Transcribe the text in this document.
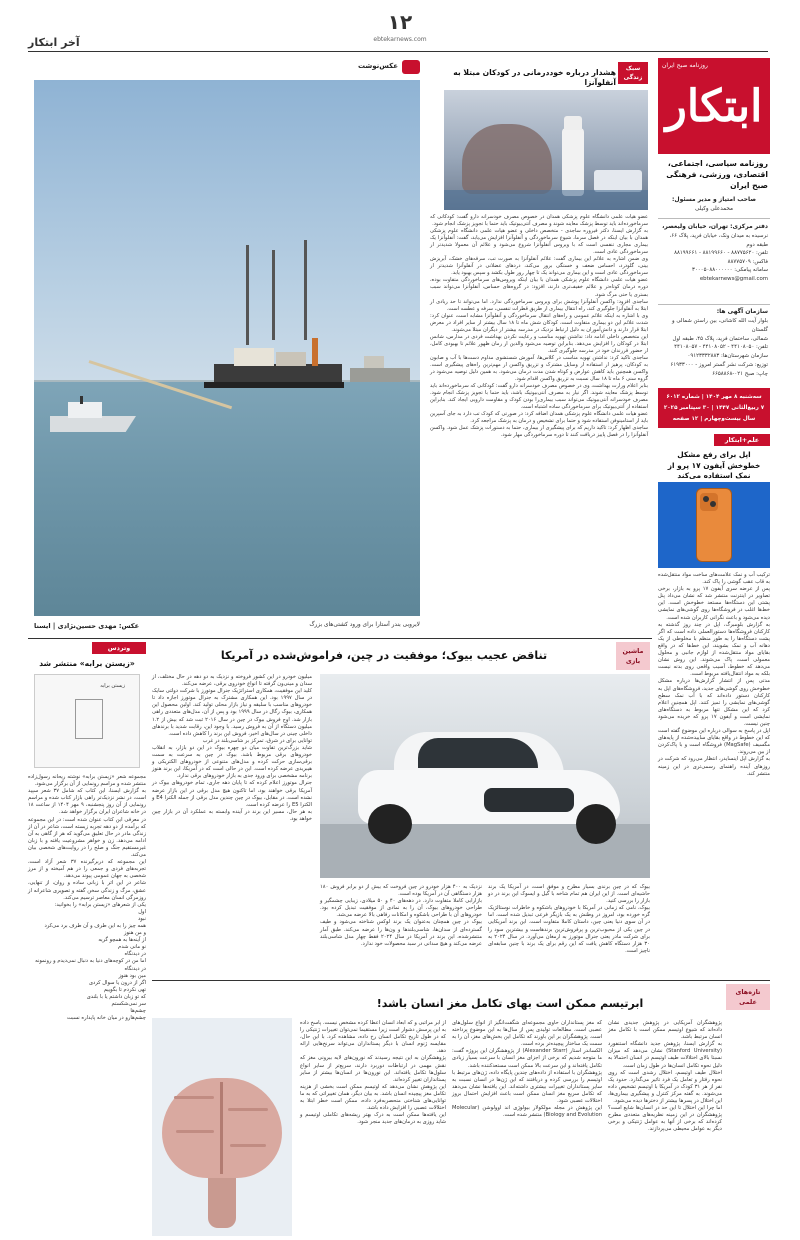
۱۲
ebtekarnews.com
آخر ابتکار
روزنامه صبح ایران
ابتکار
روزنامه سیاسی، اجتماعی، اقتصادی، ورزشی، فرهنگی صبح ایران
صاحب امتیاز و مدیر مسئول:
محمدعلی وکیلی
دفتر مرکزی: تهران، خیابان ولیعصر،
نرسیده به میدان ونک، خیابان فرید، پلاک ۶۶، طبقه دوم
تلفن: ۸۸۷۷۵۶۲۰ - ۸۸۱۹۹۶۶۰ - ۸۸۱۹۹۶۶۱
فاکس: ۸۸۷۷۵۷۰۹
سامانه پیامکی: ۳۰۰۰۵۰۸۸۰۰۰۰۰۰
ebtekarnews@gmail.com
سازمان آگهی ها:
بلوار آیت الله کاشانی، بین راستن شمالی و گلستان
شمالی، ساختمان فرید، پلاک ۴۵، طبقه اول
تلفن: ۴۴۱۰۸۰۵۰ - ۴۴۱۰۸۰۵۲ - ۴۴۱۰۸۰۵۷
سازمان شهرستان‌ها: ۰۹۱۲۳۳۳۲۸۸۳
توزیع: شرکت نشر گستر امروز - ۶۱۹۳۳۰۰۰
چاپ: صبح ۰۲۱-۶۶۵۸۸۶۸
سه‌شنبه ۸ مهر ۱۴۰۴ | شماره ۶۰۱۲
۷ ربیع‌الثانی ۱۴۴۷ | ۳۰ سپتامبر ۲۰۲۵
سال بیست‌وچهارم | ۱۲ صفحه
علم+ابتکار
اپل برای رفع مشکل خطوخش آیفون ۱۷ پرو از نمک استفاده می‌کند
ترکیب آب و نمک علامت‌های ساخت مواد منتقل‌شده به قاب عقب گوشی را پاک کند.
پس از عرضه سری آیفون ۱۷ پرو به بازار، برخی تصاویر در اینترنت منتشر شد که نشان می‌داد پنل پشتی این دستگاه‌ها مستعد خطوخش است. این خط‌ها اغلب در فروشگاه‌ها روی گوشی‌های نمایشی دیده می‌شود و باعث نگرانی کاربران شده است.
به گزارش بلومبرگ، اپل در چند روز گذشته به کارکنان فروشگاه‌ها دستورالعملی داده است که اگر پشت دستگاه‌ها را به طور منظم با مخلوطی از یک دهانه آب و نمک بشویند، این خط‌ها که در واقع بقایای مواد منتقل‌شده از لوازم جانبی و محلول معمولی است، پاک می‌شوند. این روش نشان می‌دهد که خطوط، آسیب واقعی روی بدنه نیست بلکه به مواد انتقال‌یافته مربوط است.
مدتی پس از انتشار گزارش‌ها درباره مشکل خطوخش روی گوشی‌های جدید، فروشگاه‌های اپل به کارکنان دستور داده‌اند که با آب نمک سطح گوشی‌های نمایشی را تمیز کنند. اپل همچنین اعلام کرد که این مشکل تنها مربوط به دستگاه‌های نمایشی است و آیفون ۱۷ پرو که خریده می‌شود چنین نیست.
اپل در پاسخ به سوالی درباره این موضوع گفته است که این خطوط در واقع بقایای ساییده‌شده از پایه‌های مگسیف (MagSafe) فروشگاه است و با پاک‌کردن از بین می‌روند.
به گزارش اپل اینسایدر، انتظار می‌رود که شرکت در روزهای آینده راهنمای رسمی‌تری در این زمینه منتشر کند.
سبک زندگی
هشدار درباره خوددرمانی در کودکان مبتلا به آنفلوآنزا
عضو هیات علمی دانشگاه علوم پزشکی همدان در خصوص مصرف خودسرانه دارو گفت: کودکانی که سرماخورده‌اند باید توسط پزشک معاینه شوند و مصرف آنتی‌بیوتیک باید حتما با تجویز پزشک انجام شود.
به گزارش ایسنا، دکتر فیروزه ساجدی - متخصص داخلی و عضو هیات علمی دانشگاه علوم پزشکی همدان با بیان اینکه در فصل سرما، شیوع سرماخوردگی و آنفلوآنزا افزایش می‌یابد، گفت: آنفلوآنزا یک بیماری مجاری تنفسی است که با ویروس آنفلوآنزا شروع می‌شود و علائم آن معمولا شدیدتر از سرماخوردگی عادی است.
وی ضمن اشاره به علائم این بیماری گفت: علائم آنفلوآنزا به صورت تب، سرفه‌های خشک، آبریزش بینی، گلودرد، احساس ضعف و خستگی بروز می‌کند، دردهای عضلانی در آنفلوآنزا شدیدتر از سرماخوردگی عادی است و این بیماری می‌تواند یک تا چهار روز طول بکشد و سپس بهبود یابد.
عضو هیات علمی دانشگاه علوم پزشکی همدان با بیان اینکه ویروس‌های سرماخوردگی متفاوت بوده، دوره درمان کوتاه‌تر و علائم خفیف‌تری دارند، افزود: در گروه‌های حساس، آنفلوآنزا می‌تواند سبب بستری یا حتی مرگ شود.
ساجدی افزود: واکسن آنفلوآنزا پوشش برای ویروس سرماخوردگی ندارد. اما می‌تواند تا حد زیادی از ابتلا به آنفلوآنزا جلوگیری کند، راه انتقال بیماری از طریق قطرات تنفسی، سرفه و عطسه است.
وی با اشاره به اینکه علائم عمومی و راه‌های انتقال سرماخوردگی و آنفلوآنزا مشابه است، عنوان کرد: شدت علائم این دو بیماری متفاوت است، کودکان شش ماه تا ۱۸ سال بیشتر از سایر افراد در معرض ابتلا قرار دارند و دانش‌آموزان به دلیل ارتباط نزدیک در مدرسه بیشتر از دیگران مبتلا می‌شوند.
این متخصص داخلی ادامه داد: نداشتن تهویه مناسب و رعایت نکردن بهداشت فردی در مدارس، شانس ابتلا در کودکان را افزایش می‌دهد. بنابراین توصیه می‌شود والدین از زمان ظهور علائم تا بهبودی کامل، از حضور فرزندان خود در مدرسه جلوگیری کنند.
ساجدی تاکید کرد: نداشتن تهویه مناسب در کلاس‌ها، آموزش شستشوی مداوم دست‌ها با آب و صابون به کودکان، پرهیز از استفاده از وسایل مشترک و تزریق واکسن از مهم‌ترین راه‌های پیشگیری است. واکسن همچنین باید کاهش عوارض و کوتاه شدن مدت درمان می‌شود. به همین دلیل توصیه می‌شود در گروه سنی ۶ ماه تا ۱۸ سال نسبت به تزریق واکسن اقدام شود.
بنابر اعلام وزارت بهداشت، وی در خصوص مصرف خودسرانه دارو گفت: کودکانی که سرماخورده‌اند باید توسط پزشک معاینه شوند. اگر نیاز به مصرف آنتی‌بیوتیک باشد، باید حتما با تجویز پزشک انجام شود. مصرف خودسرانه آنتی‌بیوتیک می‌تواند سبب بیماری‌زا بودن کودک و مقاومت دارویی ایجاد کند. بنابراین استفاده از آنتی‌بیوتیک برای سرماخوردگی ساده اشتباه است.
عضو هیات علمی دانشگاه علوم پزشکی همدان اضافه کرد: در صورتی که کودک تب دارد به جای آسپرین باید از استامینوفن استفاده شود و حتما برای تشخیص و درمان به پزشک مراجعه کرد.
ساجدی اظهار کرد: تاکید داریم که برای پیشگیری از بیماری، حتما به دستورات پزشک عمل شود. واکسن آنفلوآنزا را در فصل پاییز دریافت کنند تا دوره سرماخوردگی مهار شود.
عکس‌نوشت
لایروبی بندر آستارا برای ورود کشتی‌های بزرگ
عکس: مهدی حسین‌نژادی | ایسنا
ماشین بازی
تناقض عجیب بیوک؛ موفقیت در چین، فراموش‌شده در آمریکا
میلیون خودرو در این کشور فروخته و نزدیک به دو دهه در حال مختلف، از سدان و مینی‌ون گرفته تا انواع خودروی برقی، عرضه می‌کند.
کلید این موفقیت، همکاری استراتژیک جنرال موتورز با شرکت دولتی سایک در سال ۱۹۹۷ بود. این همکاری مشترک به جنرال موتورز اجازه داد تا خودروهای مناسب با سلیقه و نیاز بازار محلی تولید کند. اولین محصول این همکاری، بیوک رگال در سال ۱۹۹۹ بود و پس از آن، مدل‌های متعددی راهی بازار شد. اوج فروش بیوک در چین در سال ۲۰۱۶ ثبت شد که بیش از ۱.۲ میلیون دستگاه از آن به فروش رسید. با وجود این، رقابت شدید با برندهای داخلی چینی در سال‌های اخیر، فروش این برند را کاهش داده است.
توانایی برای در شرق، تمرکز بر شاسی‌بلند در غرب
شاید بزرگ‌ترین تفاوت میان دو چهره بیوک در این دو بازار، به انقلاب خودروهای برقی مربوط باشد. بیوک در چین به سرعت به سمت برقی‌سازی حرکت کرده و مدل‌های متنوعی از خودروهای الکتریکی و هیبریدی عرضه کرده است. این در حالی است که در آمریکا، این برند هنوز برنامه مشخصی برای ورود جدی به بازار خودروهای برقی ندارد.
جنرال موتورز اعلام کرده که تا پایان دهه جاری، تمام خودروهای بیوک در آمریکا برقی خواهند بود، اما تاکنون هیچ مدل برقی در این بازار عرضه نشده است. در مقابل، بیوک در چین چندین مدل برقی از جمله الکترا E4 و الکترا E5 را عرضه کرده است.
به هر حال، مسیر این برند در آینده وابسته به عملکرد آن در بازار چین خواهد بود.
نزدیک به ۴۰۰ هزار خودرو در چین فروخت که بیش از دو برابر فروش ۱۸۰ هزار دستگاهی آن در آمریکا بوده است.
بازارابی کاملا متفاوت دارد. در دهه‌های ۴۰ و ۵۰ میلادی، زیبایی چشمگیر و طراحی خودروهای بیوک، آن را به نمادی از موفقیت تبدیل کرده بود. خودروهای آن با طراحی باشکوه و امکانات رفاهی بالا عرضه می‌شد.
بیوک در چین همچنان به‌عنوان یک برند لوکس شناخته می‌شود و طیف گسترده‌ای از سدان‌ها، شاسی‌بلندها و ون‌ها را عرضه می‌کند. طبق آمار منتشرشده، این برند در آمریکا در سال ۲۰۲۴ فقط چهار مدل شاسی‌بلند عرضه می‌کند و هیچ سدانی در سبد محصولات خود ندارد.
بیوک که در چین برندی بسیار مطرح و موفق است، در آمریکا یک برند حاشیه‌ای است. از این ایران هم تمام شاخه با گیل و ایسوک این برند در دو بازار را بررسی کنید.
بیوک، نامی که زمانی در آمریکا با خودروهای باشکوه و خاطرات نوستالژیک گره خورده بود، امروز در وطنش به یک بازیگر فرعی تبدیل شده است. اما در آن سوی دنیا یعنی چین، داستان کاملا متفاوت است. این برند آمریکایی در چین یکی از محبوب‌ترین و پرفروش‌ترین برندهاست و بیشترین سود را برای شرکت مادر یعنی جنرال موتورز به ارمغان می‌آورد. در سال ۲۰۲۴ به ۳۰ هزار دستگاه کاهش یافت که این رقم برای یک برند با چنین سابقه‌ای ناچیز است.
وتردس
«زیستن برابه» منتشر شد
زیستن برابه
مجموعه شعر «زیستن برابه» نوشته ریحانه رسول‌زاده منتشر شده و مراسم رونمایی از آن برگزار می‌شود.
به گزارش ایسنا، این کتاب که شامل ۳۷ شعر سپید است، در نشر نزدیک‌تر راهی بازار کتاب شده و مراسم رونمایی از آن روز پنجشنبه، ۹ مهر ۱۴۰۴ از ساعت ۱۸ در خانه شاعران ایران برگزار خواهد شد.
در معرفی این کتاب عنوان شده است: در این مجموعه که برآمده از دو دهه تجربه زیسته است، شاعر در آن از زندگی مادر در حال تعلیق می‌گوید که هر از گاهی به آن ادامه می‌دهد. زن و خواهر مشروعیت یافته و با زبان غیرمستقیم جنگ و صلح را در روایت‌های شخصی بیان می‌کند.
این مجموعه که دربرگیرنده ۳۷ شعر آزاد است، تجربه‌های فردی و جمعی را در هم آمیخته و از مرز شخصی به جهان عمومی پیوند می‌دهد.
شاعر در این اثر با زبانی ساده و روان، از تنهایی، عشق، مرگ و زندگی سخن گفته و تصویری شاعرانه از روزمرگی انسان معاصر ترسیم می‌کند.
یکی از شعرهای «زیستن برابه» را بخوانید:
اول
نبود
همه چیز را به این طرف و آن طرف برد می‌کرد
و من هنوز
از آینه‌ها به همچو گریه
نو مانی شدم
در دیدنگاه
اما من در کوچه‌های دنیا به دنبال نمی‌دیدم و رونمونه
در دیدنگاه
مین بود هنوز
اگر از درون یا سوال کردی
تهی نکردم تا بگوییم
که تو زبان داشتم یا با بلندی
سر نمی‌شکستم
چشم‌ها
چشم‌هارو در میان خانه پایداره نسبت
تازه‌های علمی
ابرتیسم ممکن است بهای تکامل مغز انسان باشد!
از ابر مراتبی و که ابعاد انسان اعطا کرده مشخص نیست. پاسخ داده به این پرسش دشوار است زیرا مستقیما نمی‌توان تغییرات ژنتیکی را که در طول تاریخ تکامل انسان رخ داده، مشاهده کرد. با این حال، مقایسه ژنوم انسان با دیگر پستانداران می‌تواند سرنخ‌هایی ارائه دهد.
پژوهشگران به این نتیجه رسیدند که نورون‌های لایه بیرونی مغز که نقش مهمی در ارتباطات دوربرد دارند، سریع‌تر از سایر انواع سلول‌ها تکامل یافته‌اند. این نورون‌ها در انسان‌ها بیشتر از سایر پستانداران تغییر کرده‌اند.
این پژوهش نشان می‌دهد که اوتیسم ممکن است بخشی از هزینه تکامل مغز پیچیده انسان باشد. به بیان دیگر، همان تغییراتی که به ما توانایی‌های شناختی منحصربه‌فرد داده، ممکن است خطر ابتلا به اختلالات عصبی را افزایش داده باشد.
این یافته‌ها ممکن است به درک بهتر ریشه‌های تکاملی اوتیسم و شاید روزی به درمان‌های جدید منجر شود.
که مغز پستانداران حاوی مجموعه‌ای شگفت‌انگیز از انواع سلول‌های عصبی است. مطالعات تولیدی پس از سال‌ها به این موضوع پرداخته است. پژوهشگران بر این باورند که تکامل این بخش‌های مغز، آن را به سمت یک ساختار پیچیده‌تر برده است.
الکساندر استار (Alexander Starr) از پژوهشگران این پروژه گفت: ما متوجه شدیم که برخی از اجزای مغز انسان با سرعت بسیار زیادی تکامل یافته‌اند و این سرعت بالا ممکن است مستعدکننده باشد.
پژوهشگران با استفاده از داده‌های چندین پایگاه داده، ژن‌های مرتبط با اوتیسم را بررسی کرده و دریافتند که این ژن‌ها در انسان نسبت به سایر پستانداران تغییرات بیشتری داشته‌اند. این یافته‌ها نشان می‌دهد که تکامل سریع مغز انسان ممکن است باعث افزایش احتمال بروز اختلالات عصبی شود.
این پژوهش در مجله مولکولار بیولوژی اند اوولوشن (Molecular Biology and Evolution) منتشر شده است.
پژوهشگران آمریکایی در پژوهش جدیدی نشان داده‌اند که شیوع اوتیسم ممکن است با تکامل مغز انسان مرتبط باشد.
به گزارش ایسنا، پژوهش جدید دانشگاه استنفورد (Stanford University) نشان می‌دهد که میزان نسبتا بالای اختلالات طیف اوتیسم در انسان احتمالا به دلیل نحوه تکامل انسان‌ها در طول زمان است.
اختلال طیف اوتیسم، اختلال رشدی است که روی نحوه رفتار و تعامل یک فرد تاثیر می‌گذارد. حدود یک نفر از هر ۳۱ کودک در آمریکا با اوتیسم تشخیص داده می‌شوند. به گفته مرکز کنترل و پیشگیری بیماری‌ها، این اختلال در پسرها بیشتر از دخترها دیده می‌شود.
اما چرا این اختلال تا این حد در انسان‌ها شایع است؟ پژوهشگران در این زمینه نظریه‌های متعددی مطرح کرده‌اند که برخی از آنها به عوامل ژنتیکی و برخی دیگر به عوامل محیطی می‌پردازند.
